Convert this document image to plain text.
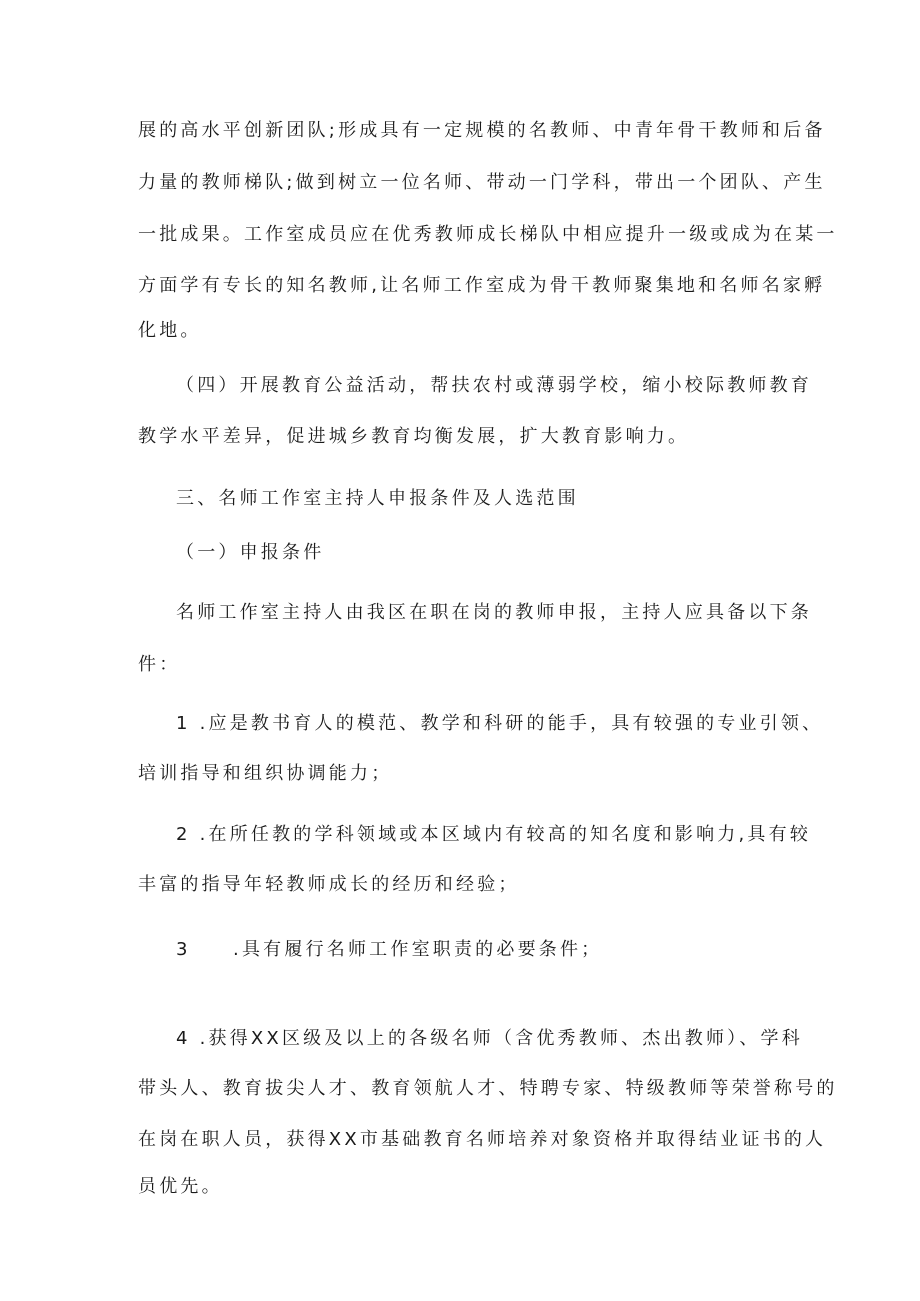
展的高水平创新团队;形成具有一定规模的名教师、中青年骨干教师和后备
力量的教师梯队;做到树立一位名师、带动一门学科，带出一个团队、产生
一批成果。工作室成员应在优秀教师成长梯队中相应提升一级或成为在某一
方面学有专长的知名教师,让名师工作室成为骨干教师聚集地和名师名家孵
化地。
（四）开展教育公益活动，帮扶农村或薄弱学校，缩小校际教师教育
教学水平差异，促进城乡教育均衡发展，扩大教育影响力。
三、名师工作室主持人申报条件及人选范围
（一）申报条件
名师工作室主持人由我区在职在岗的教师申报，主持人应具备以下条
件：
1 .应是教书育人的模范、教学和科研的能手，具有较强的专业引领、
培训指导和组织协调能力；
2 .在所任教的学科领域或本区域内有较高的知名度和影响力,具有较
丰富的指导年轻教师成长的经历和经验；
3　　.具有履行名师工作室职责的必要条件；
4 .获得XX区级及以上的各级名师（含优秀教师、杰出教师）、学科
带头人、教育拔尖人才、教育领航人才、特聘专家、特级教师等荣誉称号的
在岗在职人员，获得XX市基础教育名师培养对象资格并取得结业证书的人
员优先。
